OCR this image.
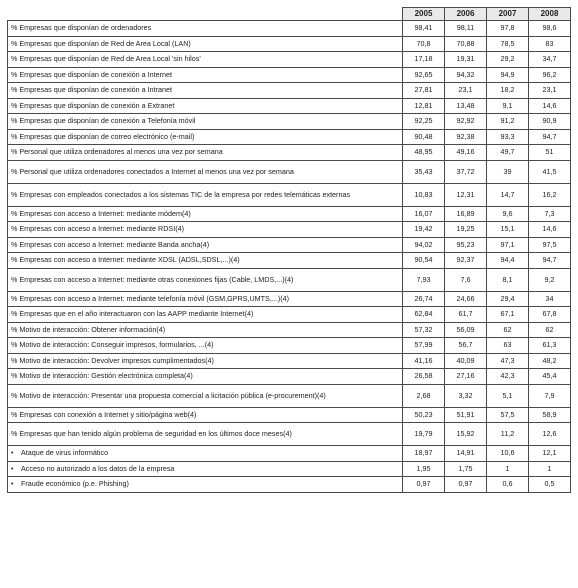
	2005	2006	2007	2008
% Empresas que disponían de ordenadores	98,41	98,11	97,8	98,6
% Empresas que disponían de Red de Area Local (LAN)	70,8	70,88	78,5	83
% Empresas que disponían de Red de Area Local 'sin hilos'	17,18	19,31	29,2	34,7
% Empresas que disponían de conexión a Internet	92,65	94,32	94,9	96,2
% Empresas que disponían de conexión a Intranet	27,81	23,1	18,2	23,1
% Empresas que disponían de conexión a Extranet	12,81	13,48	9,1	14,6
% Empresas que disponían de conexión a Telefonía móvil	92,25	92,92	91,2	90,9
% Empresas que disponían de correo electrónico (e-mail)	90,48	92,38	93,3	94,7
% Personal que utiliza ordenadores al menos una vez por semana	48,95	49,16	49,7	51
% Personal que utiliza ordenadores conectados a Internet al menos una vez por semana	35,43	37,72	39	41,5
% Empresas con empleados conectados a los sistemas TIC de la empresa por redes telemáticas externas	10,83	12,31	14,7	16,2
% Empresas con acceso a Internet: mediante módem(4)	16,07	16,89	9,6	7,3
% Empresas con acceso a Internet: mediante RDSI(4)	19,42	19,25	15,1	14,6
% Empresas con acceso a Internet: mediante Banda ancha(4)	94,02	95,23	97,1	97,5
% Empresas con acceso a Internet: mediante XDSL (ADSL,SDSL,...)(4)	90,54	92,37	94,4	94,7
% Empresas con acceso a Internet: mediante otras conexiones fijas (Cable, LMDS,...)(4)	7,93	7,6	8,1	9,2
% Empresas con acceso a Internet: mediante telefonía móvil (GSM,GPRS,UMTS,...)(4)	26,74	24,66	29,4	34
% Empresas que en el año interactuaron con las AAPP mediante Internet(4)	62,84	61,7	67,1	67,8
% Motivo de interacción: Obtener información(4)	57,32	56,09	62	62
% Motivo de interacción: Conseguir impresos, formularios, ...(4)	57,99	56,7	63	61,3
% Motivo de interacción: Devolver impresos cumplimentados(4)	41,16	40,09	47,3	48,2
% Motivo de interacción: Gestión electrónica completa(4)	26,58	27,16	42,3	45,4
% Motivo de interacción: Presentar una propuesta comercial a licitación pública (e-procurement)(4)	2,68	3,32	5,1	7,9
% Empresas con conexión a Internet y sitio/página web(4)	50,23	51,91	57,5	58,9
% Empresas que han tenido algún problema de seguridad en los últimos doce meses(4)	19,79	15,92	11,2	12,6
• Ataque de virus informático	18,97	14,91	10,6	12,1
• Acceso no autorizado a los datos de la empresa	1,95	1,75	1	1
• Fraude económico (p.e. Phishing)	0,97	0,97	0,6	0,5
